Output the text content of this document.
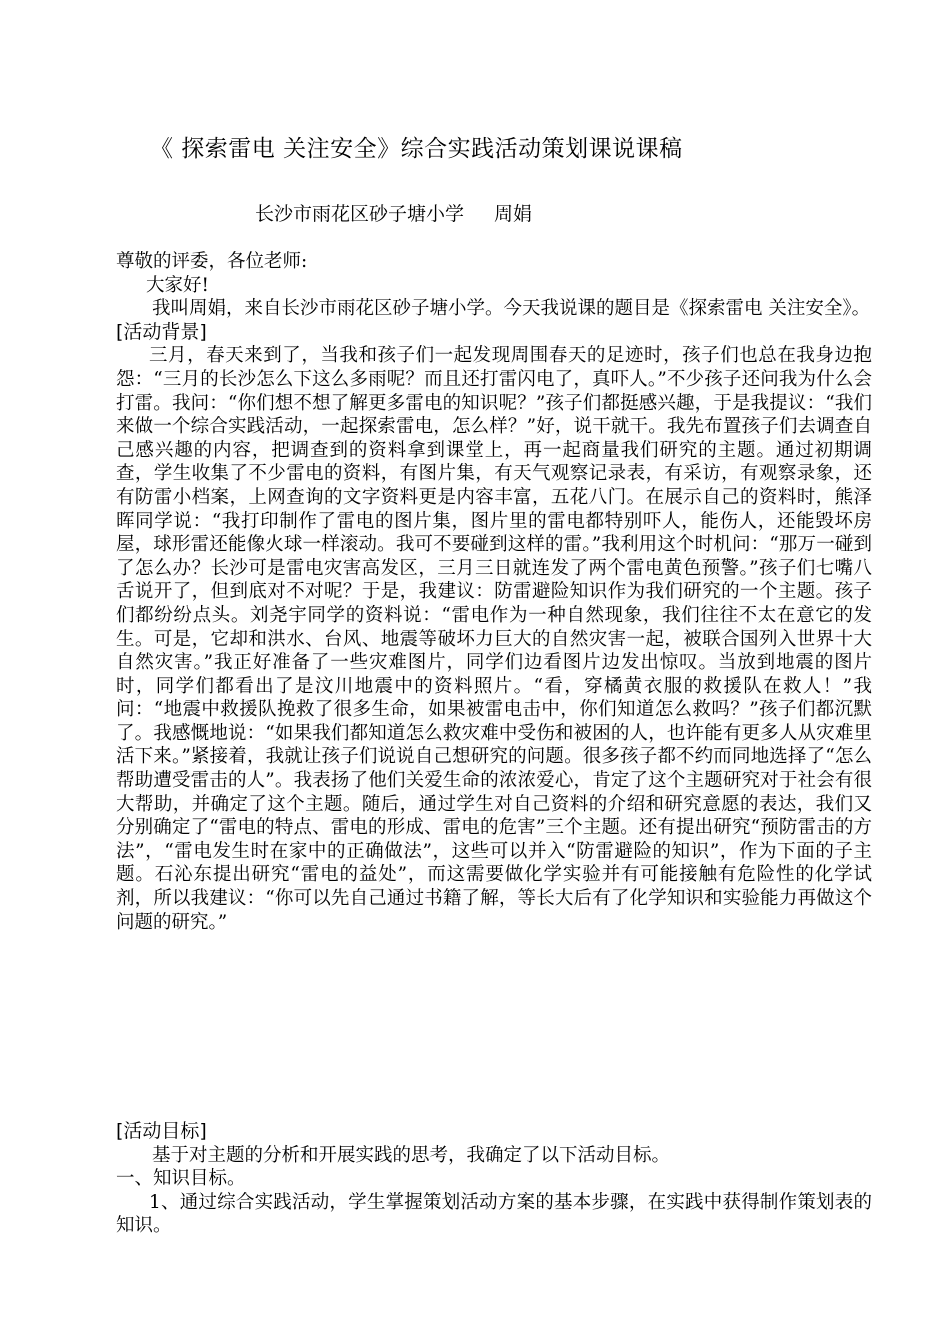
《 探索雷电 关注安全》综合实践活动策划课说课稿
长沙市雨花区砂子塘小学 周娟

尊敬的评委，各位老师:

大家好!

我叫周娟，来自长沙市雨花区砂子塘小学。今天我说课的题目是《探索雷电 关注安全》。

[活动背景]

三月，春天来到了，当我和孩子们一起发现周围春天的足迹时，孩子们也总在我身边抱怨：“三月的长沙怎么下这么多雨呢？而且还打雷闪电了，真吓人。”不少孩子还问我为什么会打雷。我问：“你们想不想了解更多雷电的知识呢？”孩子们都挺感兴趣，于是我提议：“我们来做一个综合实践活动，一起探索雷电，怎么样？”好，说干就干。我先布置孩子们去调查自己感兴趣的内容，把调查到的资料拿到课堂上，再一起商量我们研究的主题。通过初期调查，学生收集了不少雷电的资料，有图片集，有天气观察记录表，有采访，有观察录象，还有防雷小档案，上网查询的文字资料更是内容丰富，五花八门。在展示自己的资料时，熊泽晖同学说：“我打印制作了雷电的图片集，图片里的雷电都特别吓人，能伤人，还能毁坏房屋，球形雷还能像火球一样滚动。我可不要碰到这样的雷。”我利用这个时机问：“那万一碰到了怎么办？长沙可是雷电灾害高发区，三月三日就连发了两个雷电黄色预警。”孩子们七嘴八舌说开了，但到底对不对呢？于是，我建议：防雷避险知识作为我们研究的一个主题。孩子们都纷纷点头。刘尧宇同学的资料说：“雷电作为一种自然现象，我们往往不太在意它的发生。可是，它却和洪水、台风、地震等破坏力巨大的自然灾害一起，被联合国列入世界十大自然灾害。”我正好准备了一些灾难图片，同学们边看图片边发出惊叹。当放到地震的图片时，同学们都看出了是汶川地震中的资料照片。“看，穿橘黄衣服的救援队在救人！”我问：“地震中救援队挽救了很多生命，如果被雷电击中，你们知道怎么救吗？”孩子们都沉默了。我感慨地说：“如果我们都知道怎么救灾难中受伤和被困的人，也许能有更多人从灾难里活下来。”紧接着，我就让孩子们说说自己想研究的问题。很多孩子都不约而同地选择了“怎么帮助遭受雷击的人”。我表扬了他们关爱生命的浓浓爱心，肯定了这个主题研究对于社会有很大帮助，并确定了这个主题。随后，通过学生对自己资料的介绍和研究意愿的表达，我们又分别确定了“雷电的特点、雷电的形成、雷电的危害”三个主题。还有提出研究“预防雷击的方法”，“雷电发生时在家中的正确做法”，这些可以并入“防雷避险的知识”，作为下面的子主题。石沁东提出研究“雷电的益处”，而这需要做化学实验并有可能接触有危险性的化学试剂，所以我建议：“你可以先自己通过书籍了解，等长大后有了化学知识和实验能力再做这个问题的研究。”

[活动目标]

基于对主题的分析和开展实践的思考，我确定了以下活动目标。

一、知识目标。

1、通过综合实践活动，学生掌握策划活动方案的基本步骤，在实践中获得制作策划表的知识。
